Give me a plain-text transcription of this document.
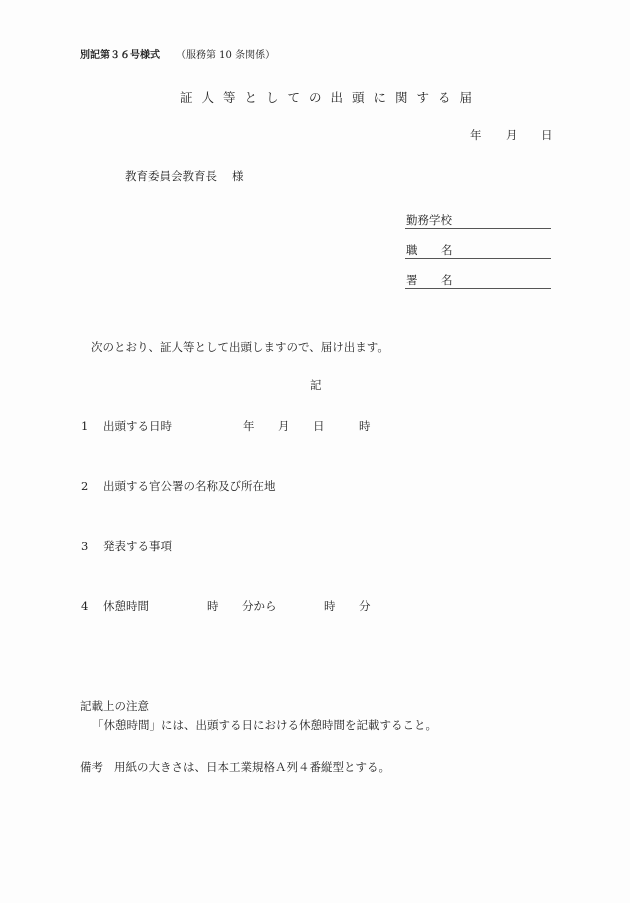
別記第３６号様式 （服務第 10 条関係）
証人等としての出頭に関する届
年 月 日
教育委員会教育長 様
勤務学校
職 名
署 名
次のとおり、証人等として出頭しますので、届け出ます。
記
1 出頭する日時	年 月 日	時
2 出頭する官公署の名称及び所在地
3 発表する事項
4 休憩時間	時 分から	時 分
記載上の注意
「休憩時間」には、出頭する日における休憩時間を記載すること。
備考 用紙の大きさは、日本工業規格Ａ列４番縦型とする。
